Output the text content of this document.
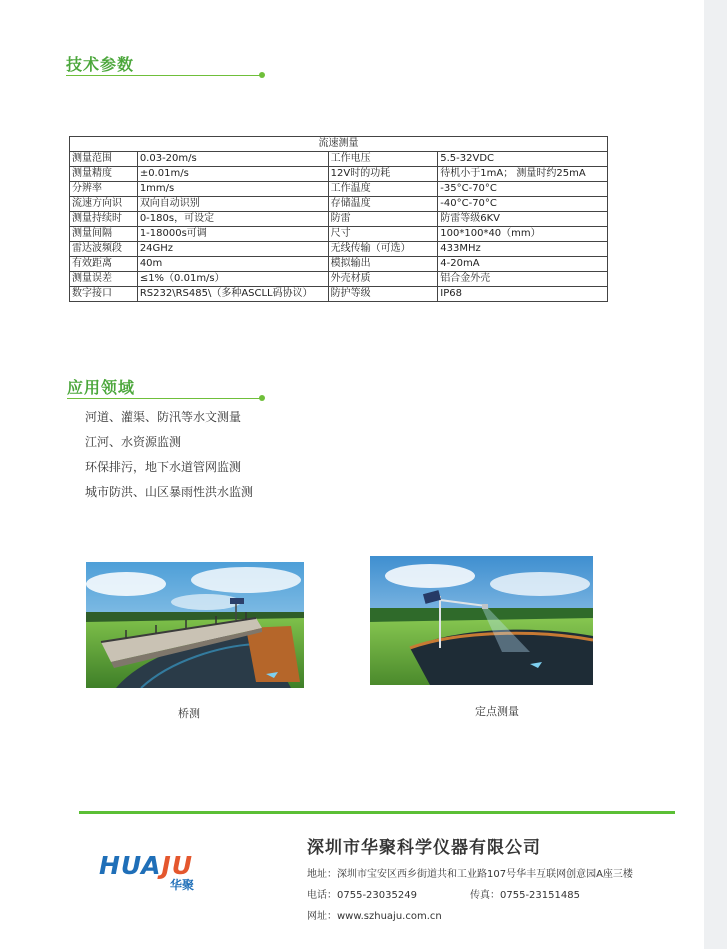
技术参数
流速测量			
测量范围	0.03-20m/s	工作电压	5.5-32VDC
测量精度	±0.01m/s	12V时的功耗	待机小于1mA； 测量时约25mA
分辨率	1mm/s	工作温度	-35°C-70°C
流速方向识	双向自动识别	存储温度	-40°C-70°C
测量持续时	0-180s，可设定	防雷	防雷等级6KV
测量间隔	1-18000s可调	尺寸	100*100*40（mm）
雷达波频段	24GHz	无线传输（可选）	433MHz
有效距离	40m	模拟输出	4-20mA
测量误差	≤1%（0.01m/s）	外壳材质	铝合金外壳
数字接口	RS232\RS485\（多种ASCLL码协议）	防护等级	IP68
应用领域
河道、灌渠、防汛等水文测量
江河、水资源监测
环保排污，地下水道管网监测
城市防洪、山区暴雨性洪水监测
桥测	定点测量
HUAJU
华聚
深圳市华聚科学仪器有限公司
地址：深圳市宝安区西乡街道共和工业路107号华丰互联网创意园A座三楼
电话：0755-23035249	传真：0755-23151485
网址：www.szhuaju.com.cn
